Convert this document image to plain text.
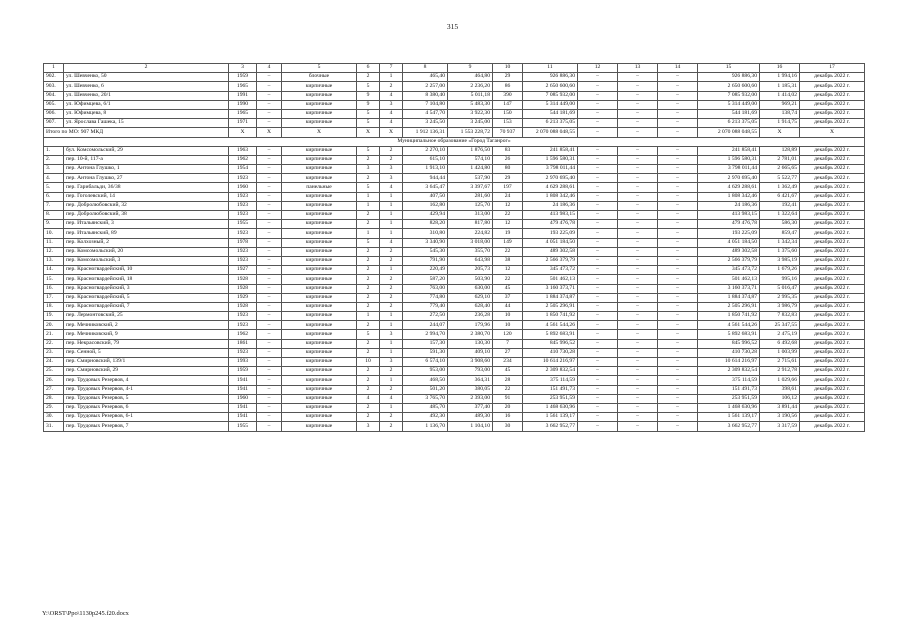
315
1	2	3	4	5	6	7	8	9	10	11	12	13	14	15	16	17
902.	ул. Шевченко, 50	1959	–	блочные	2	1	465,40	464,80	29	926 886,30	–	–	–	926 886,30	1 994,16	декабрь 2022 г.
903.	ул. Шевченко, 6	1965	–	кирпичные	5	2	2 257,00	2 236,20	86	2 650 600,60	–	–	–	2 650 600,60	1 185,31	декабрь 2022 г.
904.	ул. Шевченко, 20/1	1991	–	кирпичные	9	4	8 380,40	5 011,18	390	7 085 932,00	–	–	–	7 085 932,00	1 414,02	декабрь 2022 г.
905.	ул. Юфимцева, 6/1	1990	–	кирпичные	9	3	7 104,80	5 483,30	147	5 314 449,00	–	–	–	5 314 449,00	969,21	декабрь 2022 г.
906.	ул. Юфимцева, 8	1965	–	кирпичные	5	4	4 547,70	3 922,30	150	544 181,69	–	–	–	544 181,69	138,74	декабрь 2022 г.
907.	ул. Ярослава Гашека, 15	1971	–	кирпичные	5	4	3 245,50	3 245,00	153	6 213 375,05	–	–	–	6 213 375,05	1 914,75	декабрь 2022 г.
Итого по МО: 907 МКД		X	X	X	X	X	1 912 136,31	1 553 228,72	70 937	2 070 088 048,55	–	–	–	2 070 088 048,55	X	X
Муниципальное образование «Город Таганрог»																
1.	бул. Комсомольский, 29	1963	–	кирпичные	5	2	2 270,10	1 876,50	83	241 858,41	–	–	–	241 858,41	128,89	декабрь 2022 г.
2.	пер. 10-й, 117-а	1962	–	кирпичные	2	2	615,10	574,10	26	1 596 580,31	–	–	–	1 596 580,31	2 781,01	декабрь 2022 г.
3.	пер. Антона Глушко, 1	1954	–	кирпичные	3	3	1 913,10	1 424,80	80	3 798 011,44	–	–	–	3 798 011,44	2 665,65	декабрь 2022 г.
4.	пер. Антона Глушко, 27	1923	–	кирпичные	2	3	944,44	537,90	29	2 970 695,40	–	–	–	2 970 695,40	5 522,77	декабрь 2022 г.
5.	пер. Гарибальди, 36/38	1960	–	панельные	5	4	3 645,47	3 397,67	197	4 629 288,61	–	–	–	4 629 288,61	1 362,49	декабрь 2022 г.
6.	пер. Гоголевский, 14	1923	–	кирпичные	1	1	407,50	281,60	24	1 808 342,46	–	–	–	1 808 342,46	6 421,67	декабрь 2022 г.
7.	пер. Добролюбовский, 32	1923	–	кирпичные	1	1	162,80	125,70	12	24 186,36	–	–	–	24 186,36	192,41	декабрь 2022 г.
8.	пер. Добролюбовский, 38	1923	–	кирпичные	2	1	429,94	313,00	22	413 983,15	–	–	–	413 983,15	1 322,64	декабрь 2022 г.
9.	пер. Итальянский, 3	1955	–	кирпичные	2	1	828,20	817,80	12	479 476,78	–	–	–	479 476,78	586,30	декабрь 2022 г.
10.	пер. Итальянский, 89	1923	–	кирпичные	1	1	310,80	224,82	19	193 225,09	–	–	–	193 225,09	859,47	декабрь 2022 г.
11.	пер. Колхозный, 2	1978	–	кирпичные	5	4	3 340,90	3 018,00	149	4 051 184,50	–	–	–	4 051 184,50	1 342,34	декабрь 2022 г.
12.	пер. Комсомольский, 20	1923	–	кирпичные	2	2	545,30	355,70	22	489 302,58	–	–	–	489 302,58	1 375,60	декабрь 2022 г.
13.	пер. Комсомольский, 3	1923	–	кирпичные	2	2	791,90	643,98	38	2 566 379,79	–	–	–	2 566 379,79	3 985,19	декабрь 2022 г.
14.	пер. Красногвардейский, 10	1927	–	кирпичные	2	1	220,49	205,73	12	345 473,72	–	–	–	345 473,72	1 679,26	декабрь 2022 г.
15.	пер. Красногвардейский, 18	1928	–	кирпичные	2	2	587,20	503,90	22	501 462,13	–	–	–	501 462,13	995,16	декабрь 2022 г.
16.	пер. Красногвардейский, 3	1928	–	кирпичные	2	2	763,00	630,00	45	3 160 373,71	–	–	–	3 160 373,71	5 016,47	декабрь 2022 г.
17.	пер. Красногвардейский, 5	1929	–	кирпичные	2	2	774,80	629,10	37	1 884 374,87	–	–	–	1 884 374,87	2 995,35	декабрь 2022 г.
18.	пер. Красногвардейский, 7	1928	–	кирпичные	2	2	779,40	628,40	44	2 505 296,91	–	–	–	2 505 296,91	3 986,79	декабрь 2022 г.
19.	пер. Лермонтовский, 25	1923	–	кирпичные	1	1	272,50	236,28	10	1 850 741,92	–	–	–	1 850 741,92	7 832,83	декабрь 2022 г.
20.	пер. Мечниковский, 2	1923	–	кирпичные	2	1	244,07	179,96	10	4 561 544,26	–	–	–	4 561 544,26	25 347,55	декабрь 2022 г.
21.	пер. Мечниковский, 9	1962	–	кирпичные	5	3	2 994,70	2 380,70	120	5 892 683,91	–	–	–	5 892 683,91	2 475,19	декабрь 2022 г.
22.	пер. Некрасовский, 79	1861	–	кирпичные	2	1	157,30	130,30	7	845 996,52	–	–	–	845 996,52	6 492,68	декабрь 2022 г.
23.	пер. Сенной, 5	1923	–	кирпичные	2	1	591,30	409,10	27	410 730,28	–	–	–	410 730,28	1 003,99	декабрь 2022 г.
24.	пер. Смирновский, 139/1	1993	–	кирпичные	10	3	6 574,10	3 908,60	234	10 614 216,97	–	–	–	10 614 216,97	2 715,61	декабрь 2022 г.
25.	пер. Смирновский, 29	1959	–	кирпичные	2	2	953,00	793,00	45	2 309 832,54	–	–	–	2 309 832,54	2 912,78	декабрь 2022 г.
26.	пер. Трудовых Резервов, 4	1941	–	кирпичные	2	1	468,50	364,31	28	375 114,59	–	–	–	375 114,59	1 029,66	декабрь 2022 г.
27.	пер. Трудовых Резервов, 4-1	1941	–	кирпичные	2	2	501,20	380,05	22	151 491,73	–	–	–	151 491,73	398,61	декабрь 2022 г.
28.	пер. Трудовых Резервов, 5	1960	–	кирпичные	4	4	3 765,70	2 393,00	91	253 951,59	–	–	–	253 951,59	106,12	декабрь 2022 г.
29.	пер. Трудовых Резервов, 6	1941	–	кирпичные	2	1	485,70	377,40	20	1 468 630,96	–	–	–	1 468 630,96	3 891,44	декабрь 2022 г.
30.	пер. Трудовых Резервов, 6-1	1941	–	кирпичные	2	2	492,30	489,30	16	1 561 139,17	–	–	–	1 561 139,17	3 190,56	декабрь 2022 г.
31.	пер. Трудовых Резервов, 7	1955	–	кирпичные	3	2	1 136,70	1 104,10	30	3 662 952,77	–	–	–	3 662 952,77	3 317,59	декабрь 2022 г.
Y:\ORST\Ppo\1130p245.f20.docx
